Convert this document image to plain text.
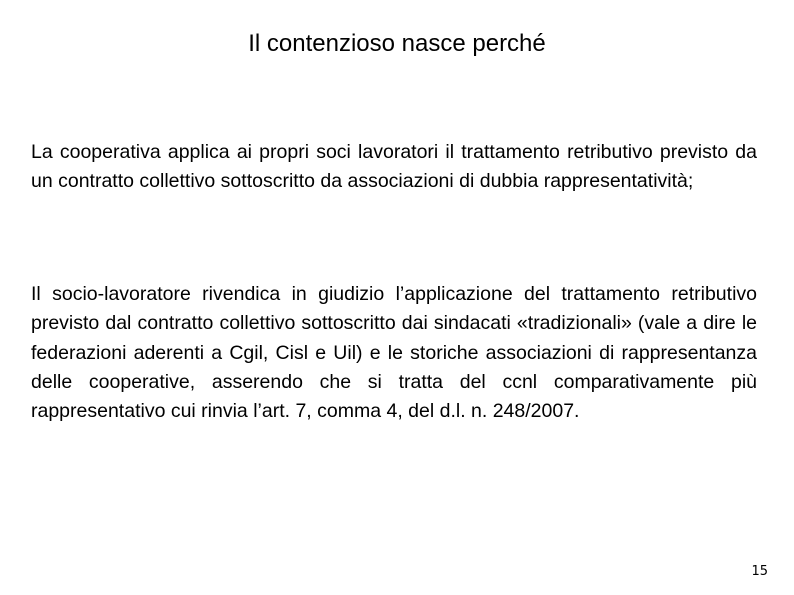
Il contenzioso nasce perché

La cooperativa applica ai propri soci lavoratori il trattamento retributivo previsto da un contratto collettivo sottoscritto da associazioni di dubbia rappresentatività;

Il socio-lavoratore rivendica in giudizio l’applicazione del trattamento retributivo previsto dal contratto collettivo sottoscritto dai sindacati «tradizionali» (vale a dire le federazioni aderenti a Cgil, Cisl e Uil) e le storiche associazioni di rappresentanza delle cooperative, asserendo che si tratta del ccnl comparativamente più rappresentativo cui rinvia l’art. 7, comma 4, del d.l. n. 248/2007.

15
